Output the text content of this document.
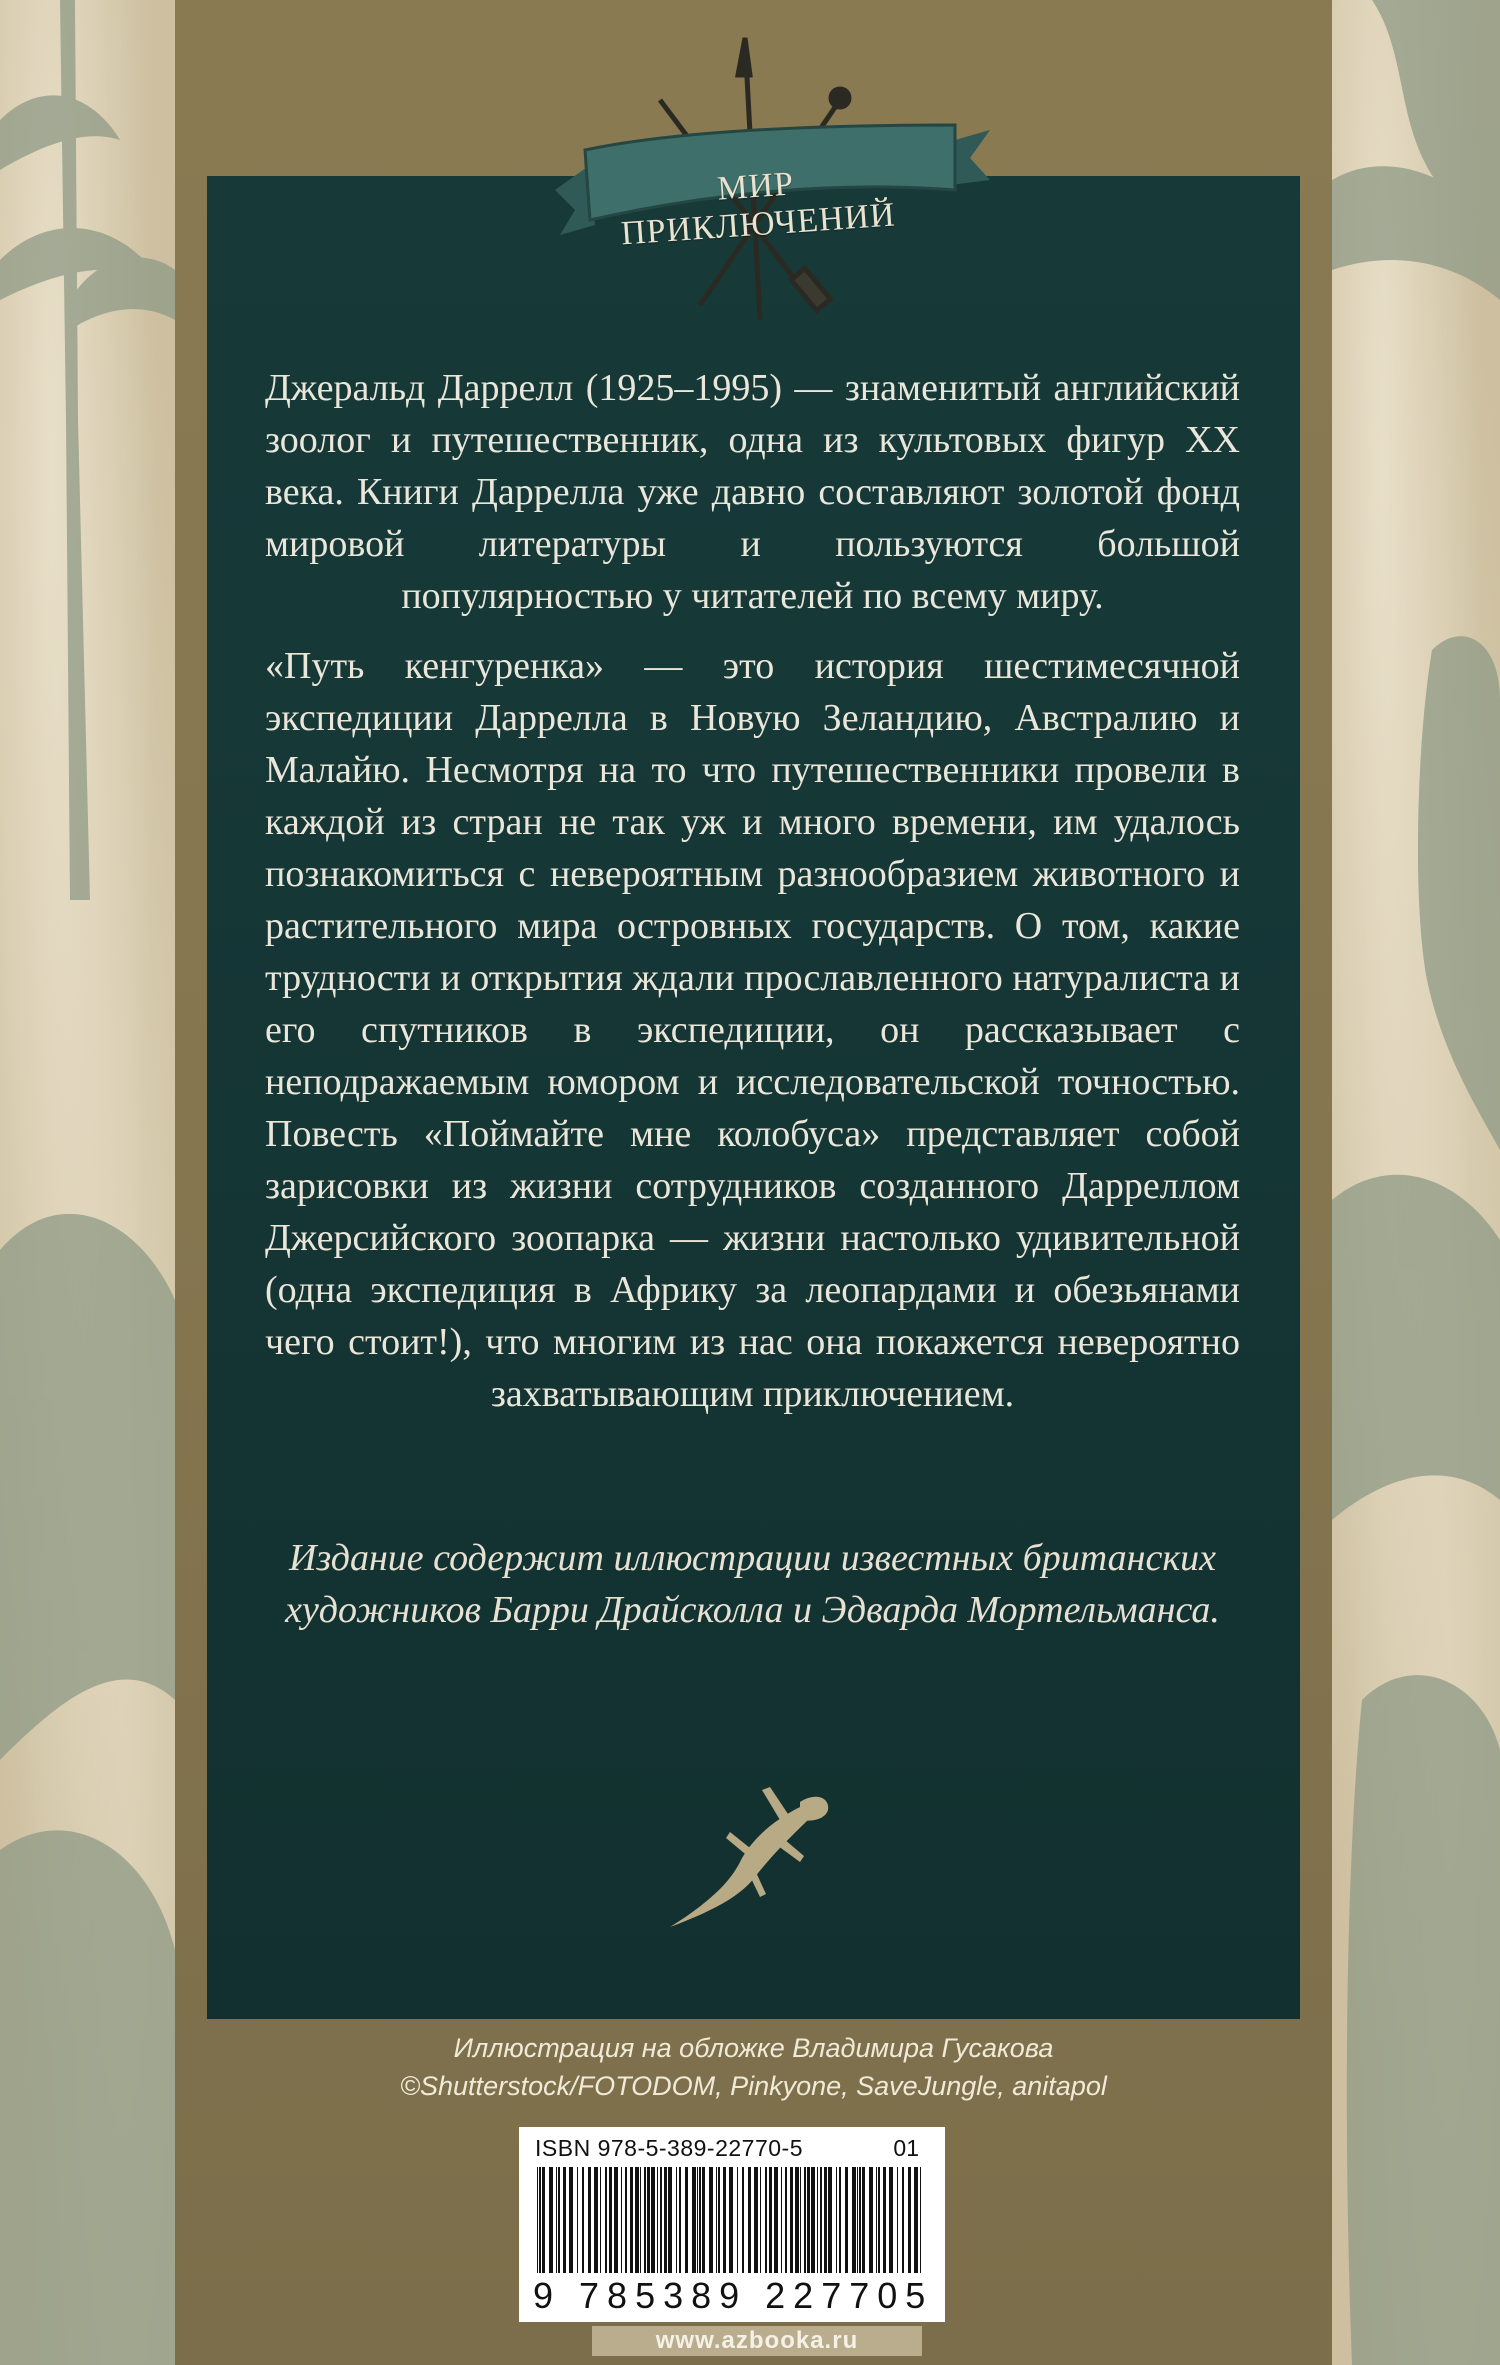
МИР ПРИКЛЮЧЕНИЙ
Джеральд Даррелл (1925–1995) — знаменитый английский зоолог и путешественник, одна из культовых фигур XX века. Книги Даррелла уже давно составляют золотой фонд мировой литературы и пользуются большой популярностью у читателей по всему миру.
«Путь кенгуренка» — это история шестимесячной экспедиции Даррелла в Новую Зеландию, Австралию и Малайю. Несмотря на то что путешественники провели в каждой из стран не так уж и много времени, им удалось познакомиться с невероятным разнообразием животного и растительного мира островных государств. О том, какие трудности и открытия ждали прославленного натуралиста и его спутников в экспедиции, он рассказывает с неподражаемым юмором и исследовательской точностью. Повесть «Поймайте мне колобуса» представляет собой зарисовки из жизни сотрудников созданного Дарреллом Джерсийского зоопарка — жизни настолько удивительной (одна экспедиция в Африку за леопардами и обезьянами чего стоит!), что многим из нас она покажется невероятно захватывающим приключением.
Издание содержит иллюстрации известных британских художников Барри Драйсколла и Эдварда Мортельманса.
Иллюстрация на обложке Владимира Гусакова
©Shutterstock/FOTODOM, Pinkyone, SaveJungle, anitapol
ISBN 978-5-389-22770-5	01
9 785389 227705
www.azbooka.ru
